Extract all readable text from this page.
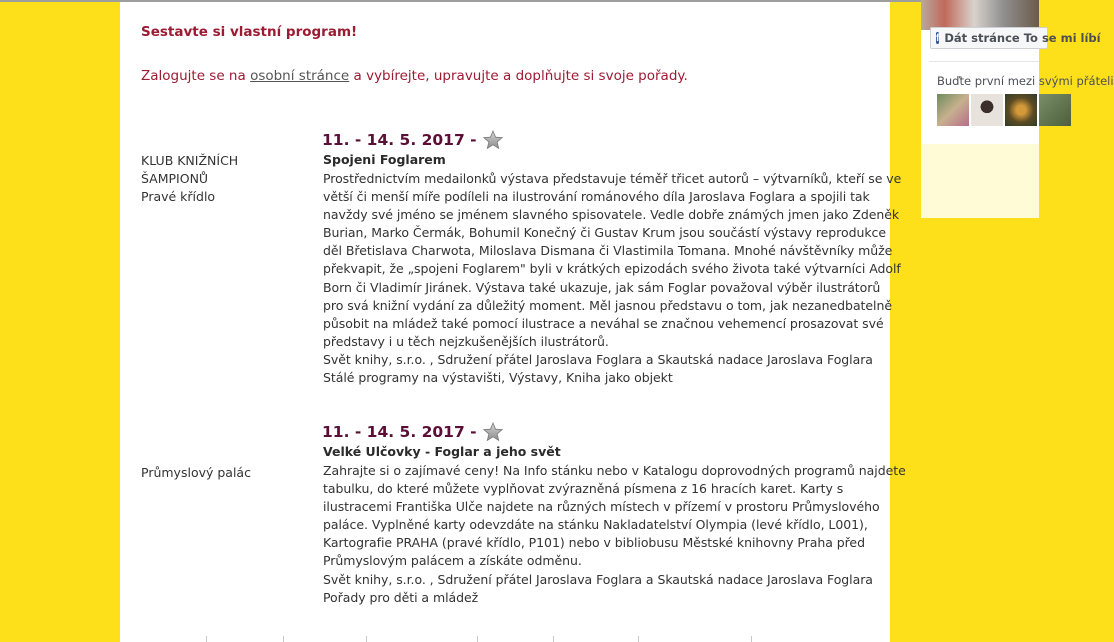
Sestavte si vlastní program!
Zalogujte se na osobní stránce a vybírejte, upravujte a doplňujte si svoje pořady.
KLUB KNIŽNÍCH
ŠAMPIONŮ
Pravé křídlo
11. - 14. 5. 2017 -
Spojeni Foglarem
Prostřednictvím medailonků výstava představuje téměř třicet autorů – výtvarníků, kteří se ve
větší či menší míře podíleli na ilustrování románového díla Jaroslava Foglara a spojili tak
navždy své jméno se jménem slavného spisovatele. Vedle dobře známých jmen jako Zdeněk
Burian, Marko Čermák, Bohumil Konečný či Gustav Krum jsou součástí výstavy reprodukce
děl Břetislava Charwota, Miloslava Dismana či Vlastimila Tomana. Mnohé návštěvníky může
překvapit, že „spojeni Foglarem" byli v krátkých epizodách svého života také výtvarníci Adolf
Born či Vladimír Jiránek. Výstava také ukazuje, jak sám Foglar považoval výběr ilustrátorů
pro svá knižní vydání za důležitý moment. Měl jasnou představu o tom, jak nezanedbatelně
působit na mládež také pomocí ilustrace a neváhal se značnou vehemencí prosazovat své
představy i u těch nejzkušenějších ilustrátorů.
Svět knihy, s.r.o. , Sdružení přátel Jaroslava Foglara a Skautská nadace Jaroslava Foglara
Stálé programy na výstavišti, Výstavy, Kniha jako objekt
Průmyslový palác
11. - 14. 5. 2017 -
Velké Ulčovky - Foglar a jeho svět
Zahrajte si o zajímavé ceny! Na Info stánku nebo v Katalogu doprovodných programů najdete
tabulku, do které můžete vyplňovat zvýrazněná písmena z 16 hracích karet. Karty s
ilustracemi Františka Ulče najdete na různých místech v přízemí v prostoru Průmyslového
paláce. Vyplněné karty odevzdáte na stánku Nakladatelství Olympia (levé křídlo, L001),
Kartografie PRAHA (pravé křídlo, P101) nebo v bibliobusu Městské knihovny Praha před
Průmyslovým palácem a získáte odměnu.
Svět knihy, s.r.o. , Sdružení přátel Jaroslava Foglara a Skautská nadace Jaroslava Foglara
Pořady pro děti a mládež
f Dát stránce To se mi líbí
Buďte první mezi svými přáteli
